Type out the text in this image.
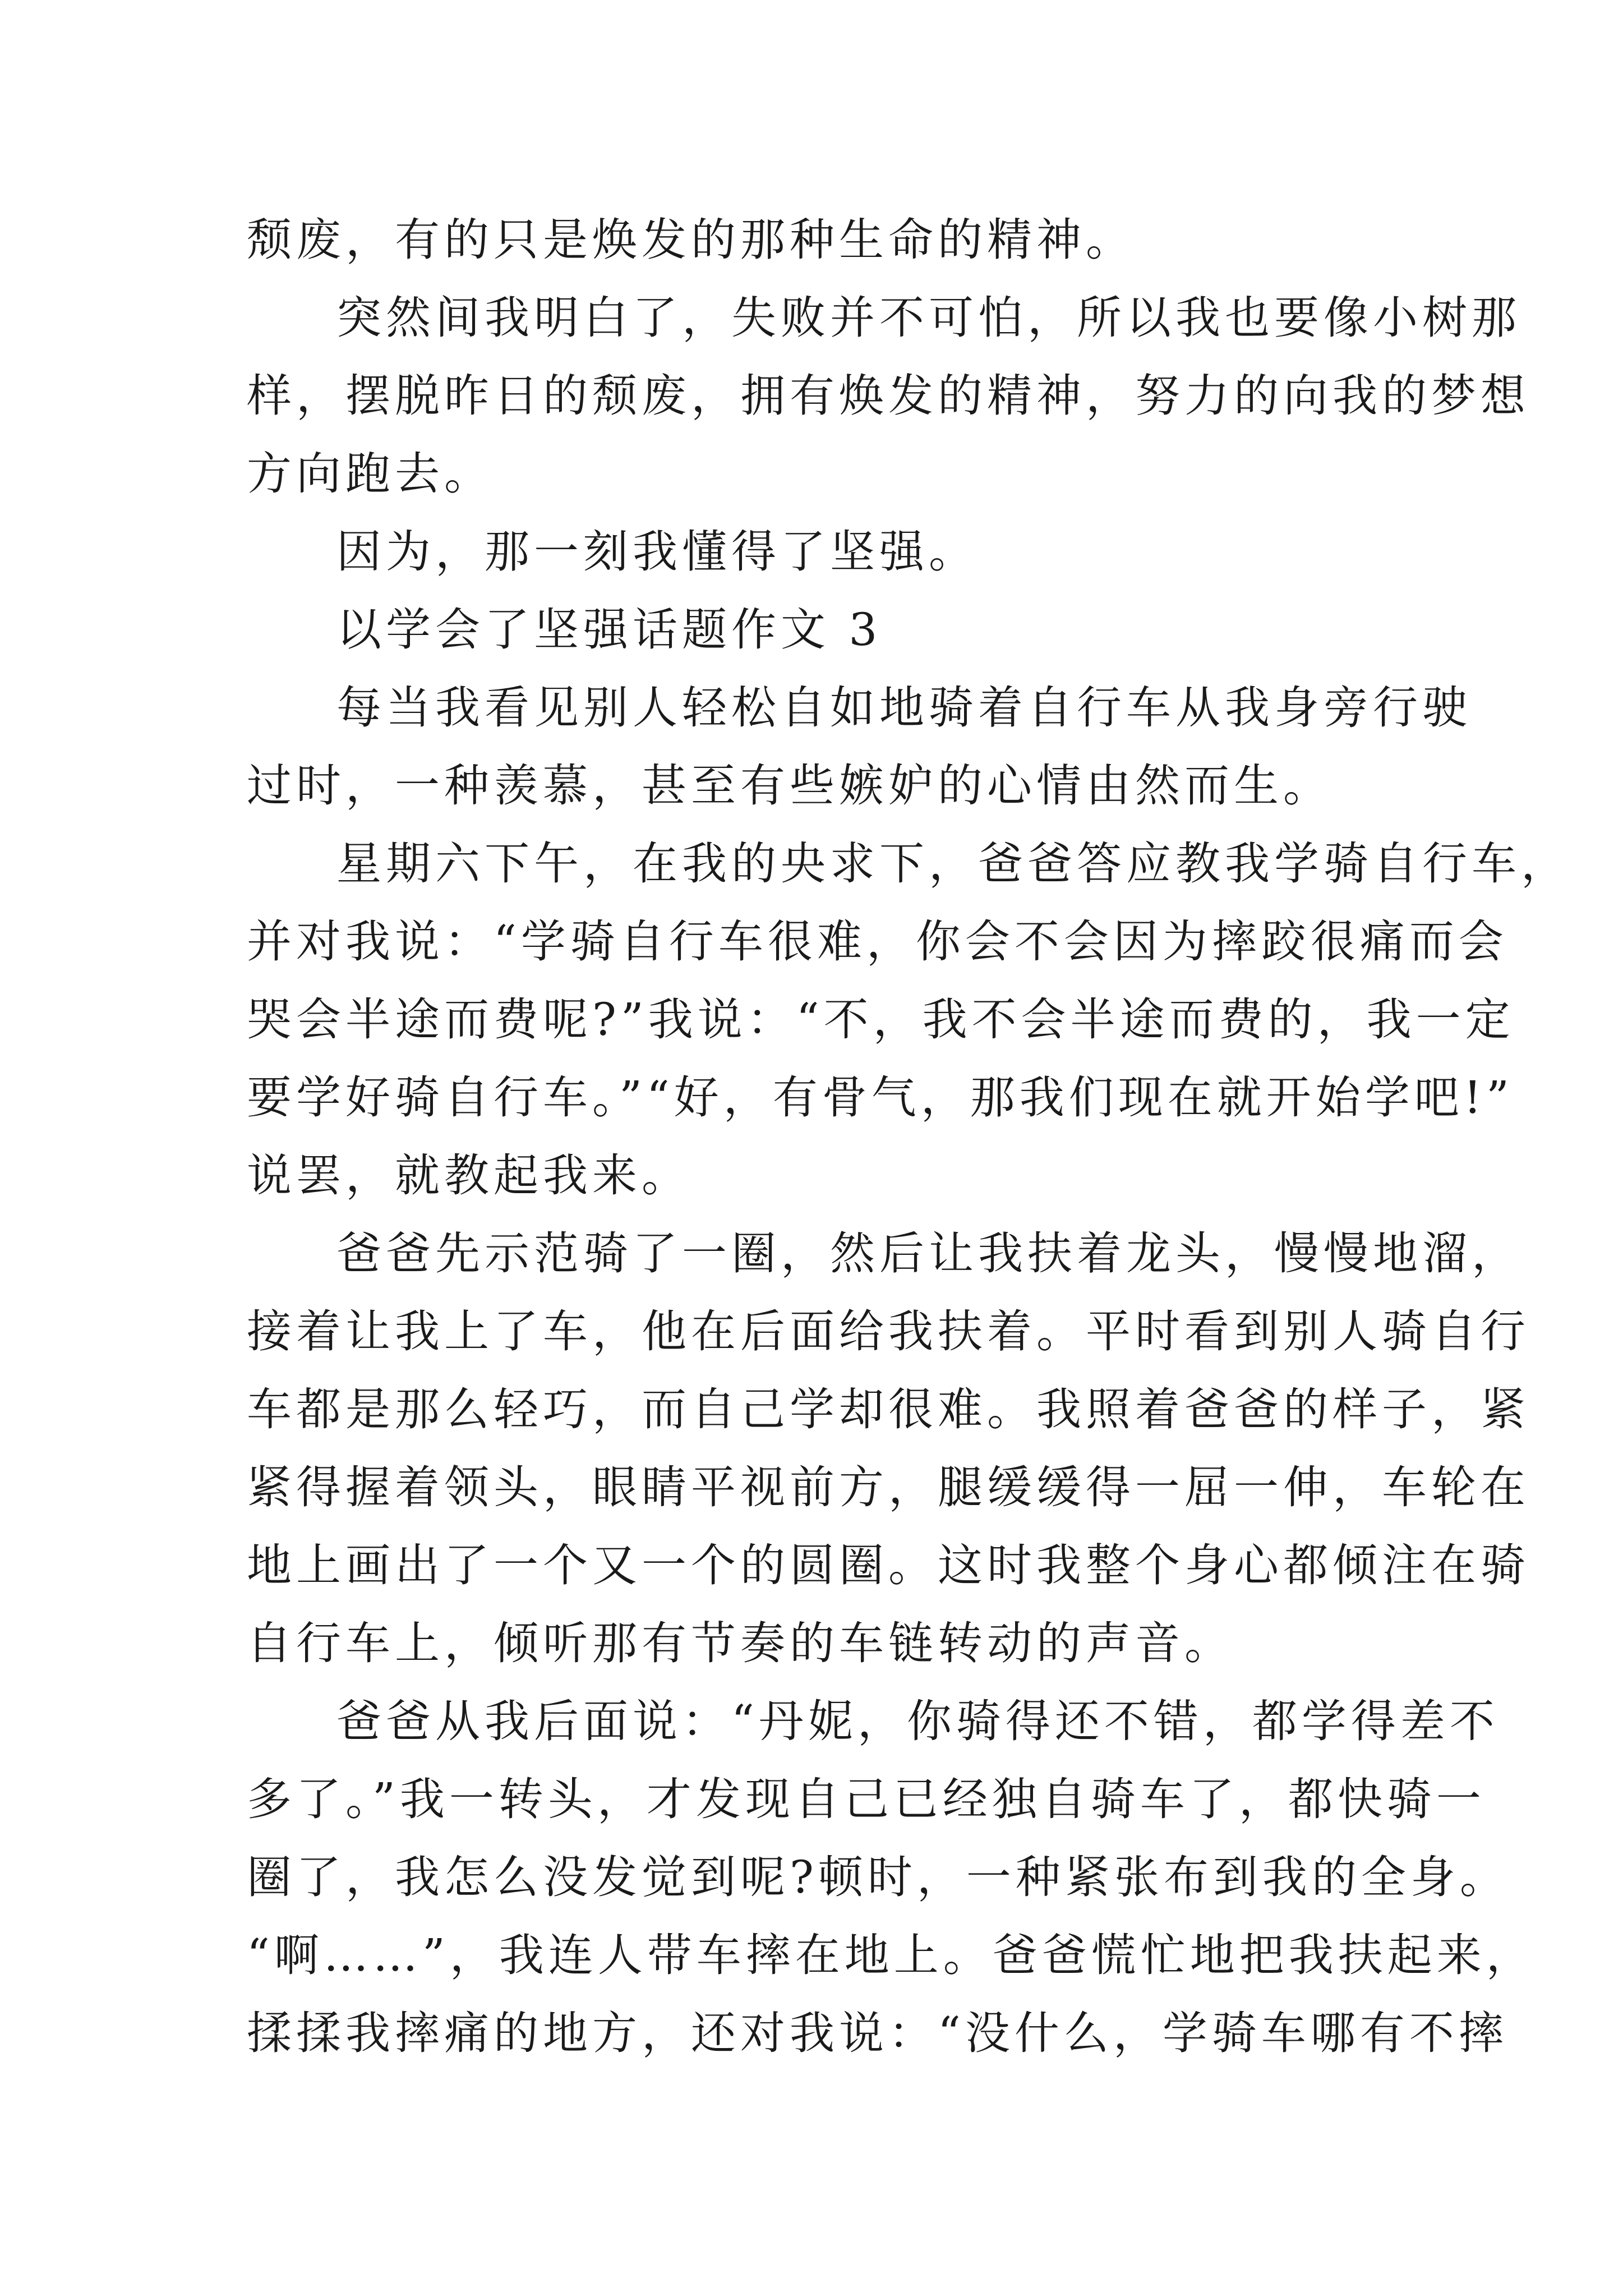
颓废，有的只是焕发的那种生命的精神。
突然间我明白了，失败并不可怕，所以我也要像小树那
样，摆脱昨日的颓废，拥有焕发的精神，努力的向我的梦想
方向跑去。
因为，那一刻我懂得了坚强。
以学会了坚强话题作文 3
每当我看见别人轻松自如地骑着自行车从我身旁行驶
过时，一种羡慕，甚至有些嫉妒的心情由然而生。
星期六下午，在我的央求下，爸爸答应教我学骑自行车，
并对我说：“学骑自行车很难，你会不会因为摔跤很痛而会
哭会半途而费呢?”我说：“不，我不会半途而费的，我一定
要学好骑自行车。”“好，有骨气，那我们现在就开始学吧!”
说罢，就教起我来。
爸爸先示范骑了一圈，然后让我扶着龙头，慢慢地溜，
接着让我上了车，他在后面给我扶着。平时看到别人骑自行
车都是那么轻巧，而自己学却很难。我照着爸爸的样子，紧
紧得握着领头，眼睛平视前方，腿缓缓得一屈一伸，车轮在
地上画出了一个又一个的圆圈。这时我整个身心都倾注在骑
自行车上，倾听那有节奏的车链转动的声音。
爸爸从我后面说：“丹妮，你骑得还不错，都学得差不
多了。”我一转头，才发现自己已经独自骑车了，都快骑一
圈了，我怎么没发觉到呢?顿时，一种紧张布到我的全身。
“啊……”，我连人带车摔在地上。爸爸慌忙地把我扶起来，
揉揉我摔痛的地方，还对我说：“没什么，学骑车哪有不摔
